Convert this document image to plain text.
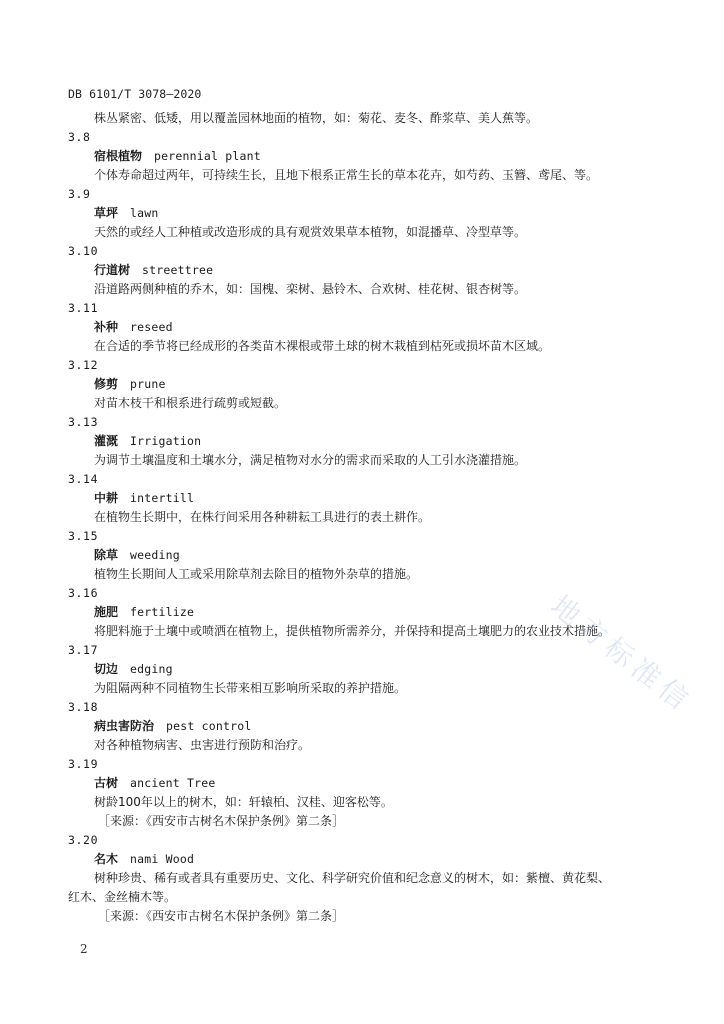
DB 6101/T 3078—2020
株丛紧密、低矮，用以覆盖园林地面的植物，如：菊花、麦冬、酢浆草、美人蕉等。
3.8
宿根植物 perennial plant
个体寿命超过两年，可持续生长，且地下根系正常生长的草本花卉，如芍药、玉簪、鸢尾、等。
3.9
草坪 lawn
天然的或经人工种植或改造形成的具有观赏效果草本植物，如混播草、冷型草等。
3.10
行道树 streettree
沿道路两侧种植的乔木，如：国槐、栾树、悬铃木、合欢树、桂花树、银杏树等。
3.11
补种 reseed
在合适的季节将已经成形的各类苗木裸根或带土球的树木栽植到枯死或损坏苗木区域。
3.12
修剪 prune
对苗木枝干和根系进行疏剪或短截。
3.13
灌溉 Irrigation
为调节土壤温度和土壤水分，满足植物对水分的需求而采取的人工引水浇灌措施。
3.14
中耕 intertill
在植物生长期中，在株行间采用各种耕耘工具进行的表土耕作。
3.15
除草 weeding
植物生长期间人工或采用除草剂去除目的植物外杂草的措施。
3.16
施肥 fertilize
将肥料施于土壤中或喷洒在植物上，提供植物所需养分，并保持和提高土壤肥力的农业技术措施。
3.17
切边 edging
为阻隔两种不同植物生长带来相互影响所采取的养护措施。
3.18
病虫害防治 pest control
对各种植物病害、虫害进行预防和治疗。
3.19
古树 ancient Tree
树龄100年以上的树木，如：轩辕柏、汉桂、迎客松等。
［来源：《西安市古树名木保护条例》第二条］
3.20
名木 nami Wood
树种珍贵、稀有或者具有重要历史、文化、科学研究价值和纪念意义的树木，如：紫檀、黄花梨、
红木、金丝楠木等。
［来源：《西安市古树名木保护条例》第二条］
2
地方标准信
